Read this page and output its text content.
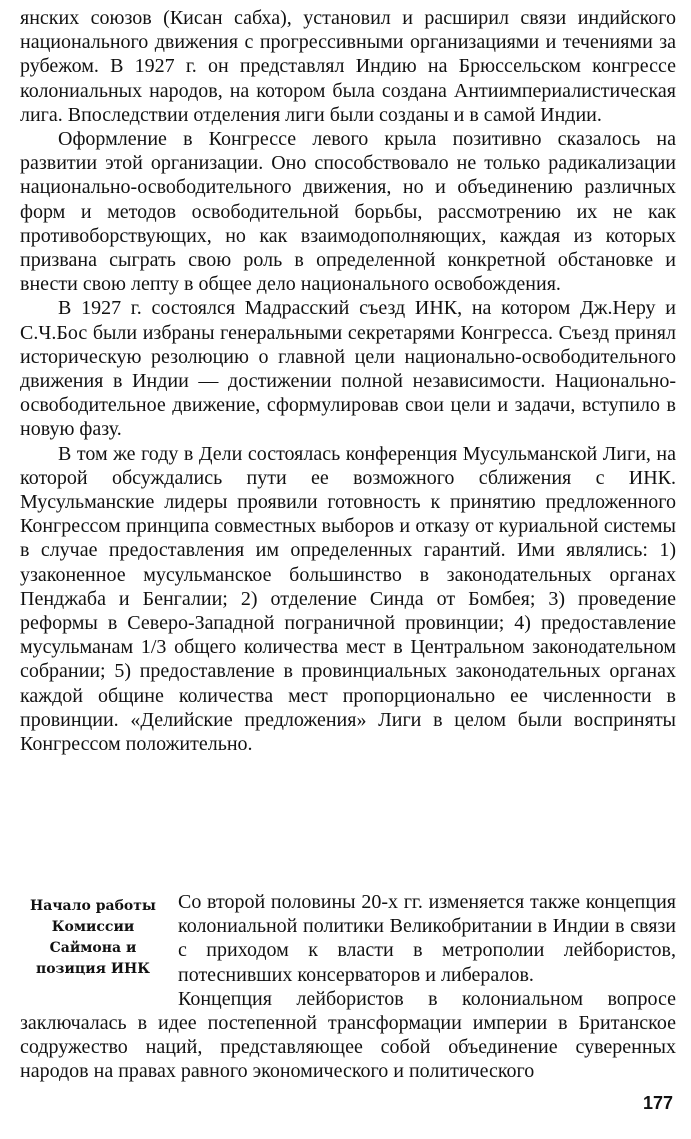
янских союзов (Кисан сабха), установил и расширил связи индийского национального движения с прогрессивными организациями и течениями за рубежом. В 1927 г. он представлял Индию на Брюссельском конгрессе колониальных народов, на котором была создана Антиимпериалистическая лига. Впоследствии отделения лиги были созданы и в самой Индии.

Оформление в Конгрессе левого крыла позитивно сказалось на развитии этой организации. Оно способствовало не только радикализации национально-освободительного движения, но и объединению различных форм и методов освободительной борьбы, рассмотрению их не как противоборствующих, но как взаимодополняющих, каждая из которых призвана сыграть свою роль в определенной конкретной обстановке и внести свою лепту в общее дело национального освобождения.

В 1927 г. состоялся Мадрасский съезд ИНК, на котором Дж.Неру и С.Ч.Бос были избраны генеральными секретарями Конгресса. Съезд принял историческую резолюцию о главной цели национально-освободительного движения в Индии — достижении полной независимости. Национально-освободительное движение, сформулировав свои цели и задачи, вступило в новую фазу.

В том же году в Дели состоялась конференция Мусульманской Лиги, на которой обсуждались пути ее возможного сближения с ИНК. Мусульманские лидеры проявили готовность к принятию предложенного Конгрессом принципа совместных выборов и отказу от куриальной системы в случае предоставления им определенных гарантий. Ими являлись: 1) узаконенное мусульманское большинство в законодательных органах Пенджаба и Бенгалии; 2) отделение Синда от Бомбея; 3) проведение реформы в Северо-Западной пограничной провинции; 4) предоставление мусульманам 1/3 общего количества мест в Центральном законодательном собрании; 5) предоставление в провинциальных законодательных органах каждой общине количества мест пропорционально ее численности в провинции. «Делийские предложения» Лиги в целом были восприняты Конгрессом положительно.

Начало работы
Комиссии
Саймона и
позиция ИНК

Со второй половины 20-х гг. изменяется также концепция колониальной политики Великобритании в Индии в связи с приходом к власти в метрополии лейбористов, потеснивших консерваторов и либералов.

Концепция лейбористов в колониальном вопросе заключалась в идее постепенной трансформации империи в Британское содружество наций, представляющее собой объединение суверенных народов на правах равного экономического и политического

177
